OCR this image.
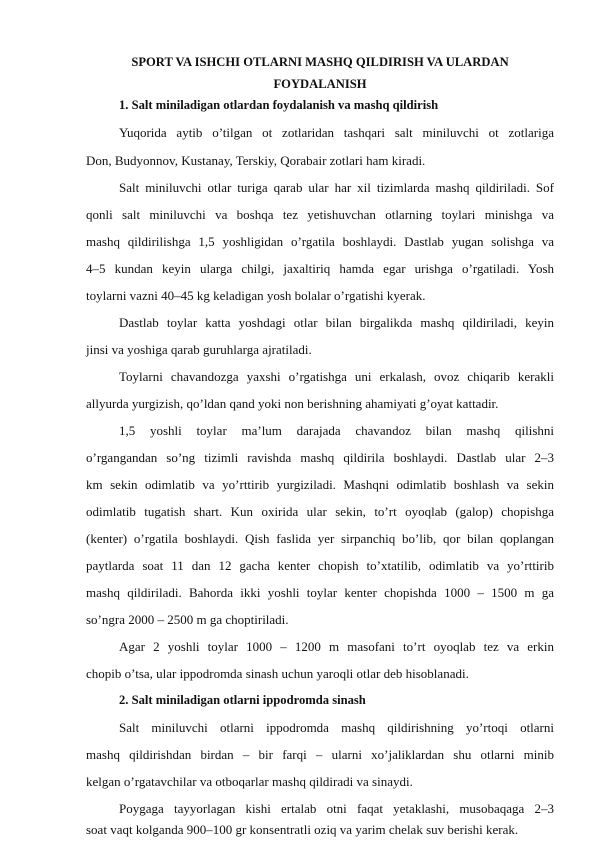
SPORT VA ISHCHI OTLARNI MASHQ QILDIRISH VA ULARDAN
FOYDALANISH
1. Salt miniladigan otlardan foydalanish va mashq qildirish
Yuqorida aytib o’tilgan ot zotlaridan tashqari salt miniluvchi ot zotlariga
Don, Budyonnov, Kustanay, Terskiy, Qorabair zotlari ham kiradi.
Salt miniluvchi otlar turiga qarab ular har xil tizimlarda mashq qildiriladi. Sof
qonli salt miniluvchi va boshqa tez yetishuvchan otlarning toylari minishga va
mashq qildirilishga 1,5 yoshligidan o’rgatila boshlaydi. Dastlab yugan solishga va
4–5 kundan keyin ularga chilgi, jaxaltiriq hamda egar urishga o’rgatiladi. Yosh
toylarni vazni 40–45 kg keladigan yosh bolalar o’rgatishi kyerak.
Dastlab toylar katta yoshdagi otlar bilan birgalikda mashq qildiriladi, keyin
jinsi va yoshiga qarab guruhlarga ajratiladi.
Toylarni chavandozga yaxshi o’rgatishga uni erkalash, ovoz chiqarib kerakli
allyurda yurgizish, qo’ldan qand yoki non berishning ahamiyati g’oyat kattadir.
1,5 yoshli toylar ma’lum darajada chavandoz bilan mashq qilishni
o’rgangandan so’ng tizimli ravishda mashq qildirila boshlaydi. Dastlab ular 2–3
km sekin odimlatib va yo’rttirib yurgiziladi. Mashqni odimlatib boshlash va sekin
odimlatib tugatish shart. Kun oxirida ular sekin, to’rt oyoqlab (galop) chopishga
(kenter) o’rgatila boshlaydi. Qish faslida yer sirpanchiq bo’lib, qor bilan qoplangan
paytlarda soat 11 dan 12 gacha kenter chopish to’xtatilib, odimlatib va yo’rttirib
mashq qildiriladi. Bahorda ikki yoshli toylar kenter chopishda 1000 – 1500 m ga
so’ngra 2000 – 2500 m ga choptiriladi.
Agar 2 yoshli toylar 1000 – 1200 m masofani to’rt oyoqlab tez va erkin
chopib o’tsa, ular ippodromda sinash uchun yaroqli otlar deb hisoblanadi.
2. Salt miniladigan otlarni ippodromda sinash
Salt miniluvchi otlarni ippodromda mashq qildirishning yo’rtoqi otlarni
mashq qildirishdan birdan – bir farqi – ularni xo’jaliklardan shu otlarni minib
kelgan o’rgatavchilar va otboqarlar mashq qildiradi va sinaydi.
Poygaga tayyorlagan kishi ertalab otni faqat yetaklashi, musobaqaga 2–3
soat vaqt kolganda 900–100 gr konsentratli oziq va yarim chelak suv berishi kerak.
